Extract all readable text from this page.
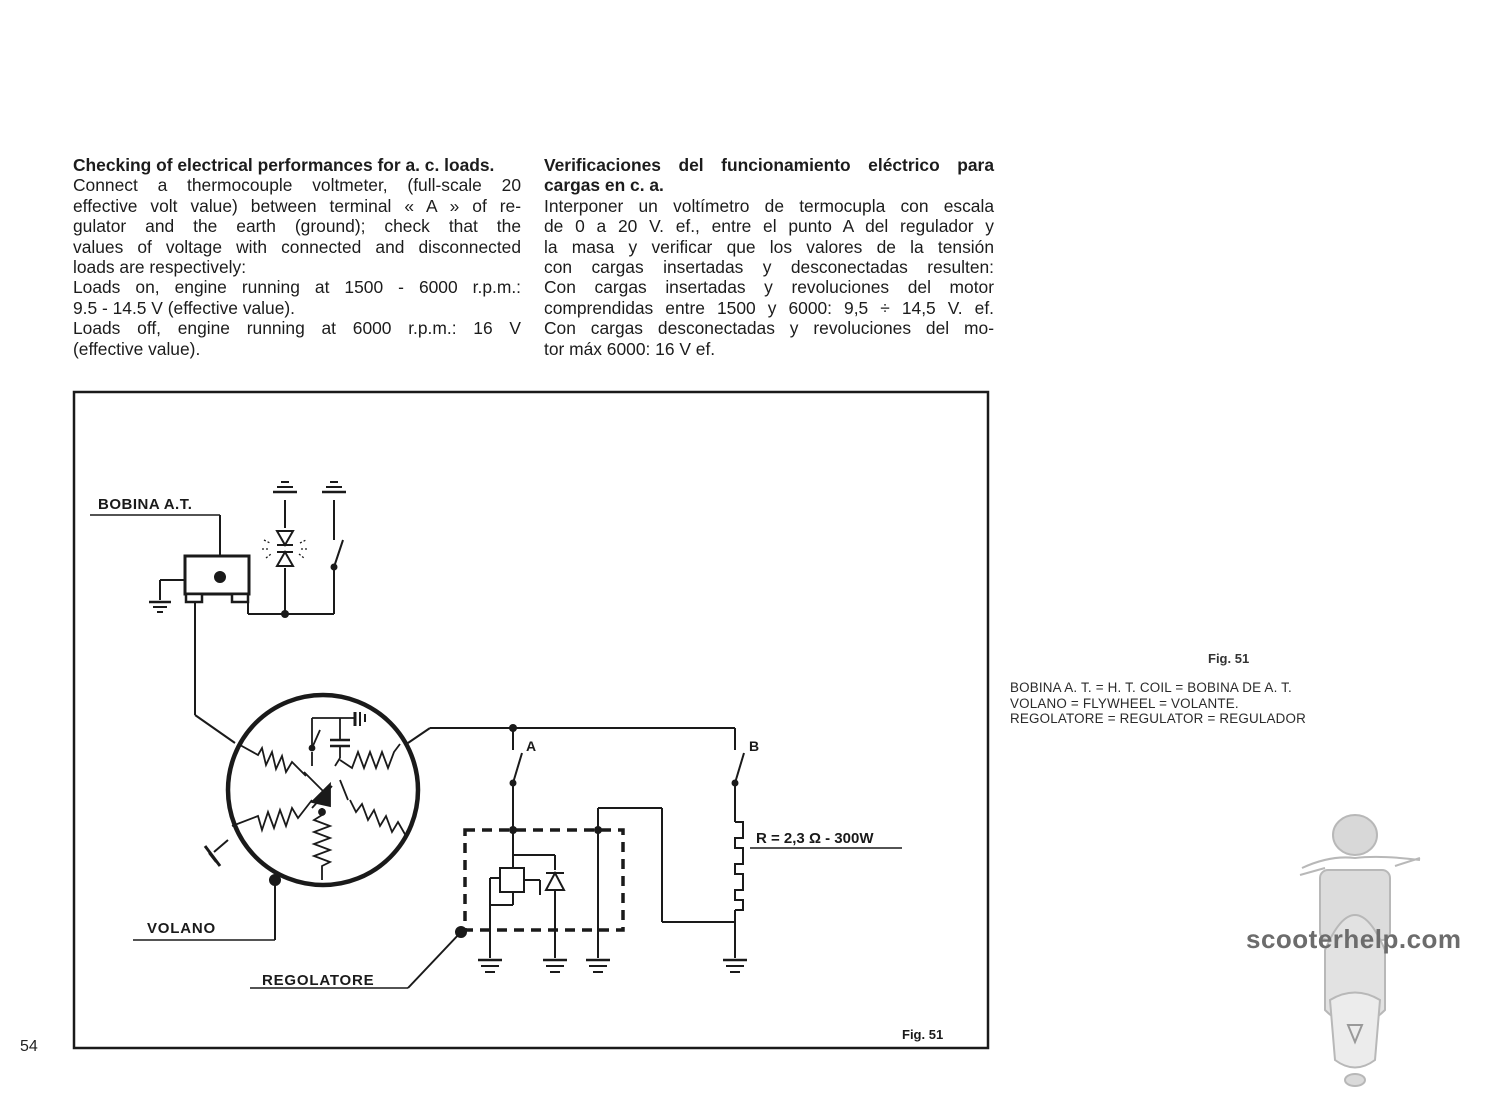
Checking of electrical performances for a. c. loads.
Connect a thermocouple voltmeter, (full-scale 20
effective volt value) between terminal « A » of re-
gulator and the earth (ground); check that the
values of voltage with connected and disconnected
loads are respectively:
Loads on, engine running at 1500 - 6000 r.p.m.:
9.5 - 14.5 V (effective value).
Loads off, engine running at 6000 r.p.m.: 16 V
(effective value).
Verificaciones del funcionamiento eléctrico para
cargas en c. a.
Interponer un voltímetro de termocupla con escala
de 0 a 20 V. ef., entre el punto A del regulador y
la masa y verificar que los valores de la tensión
con cargas insertadas y desconectadas resulten:
Con cargas insertadas y revoluciones del motor
comprendidas entre 1500 y 6000: 9,5 ÷ 14,5 V. ef.
Con cargas desconectadas y revoluciones del mo-
tor máx 6000: 16 V ef.
BOBINA A.T.
VOLANO
REGOLATORE
A	B
R = 2,3 Ω - 300W
Fig. 51
Fig. 51
BOBINA A. T. = H. T. COIL = BOBINA DE A. T.
VOLANO = FLYWHEEL = VOLANTE.
REGOLATORE = REGULATOR = REGULADOR
scooterhelp.com
54
